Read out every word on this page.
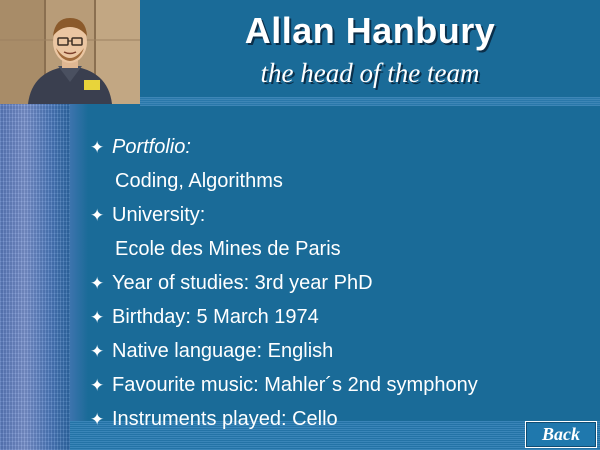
Allan Hanbury
the head of the team
✦ Portfolio:
Coding, Algorithms
✦ University:
Ecole des Mines de Paris
✦ Year of studies: 3rd year PhD
✦ Birthday: 5 March 1974
✦ Native language: English
✦ Favourite music: Mahler´s 2nd symphony
✦ Instruments played: Cello
Back
